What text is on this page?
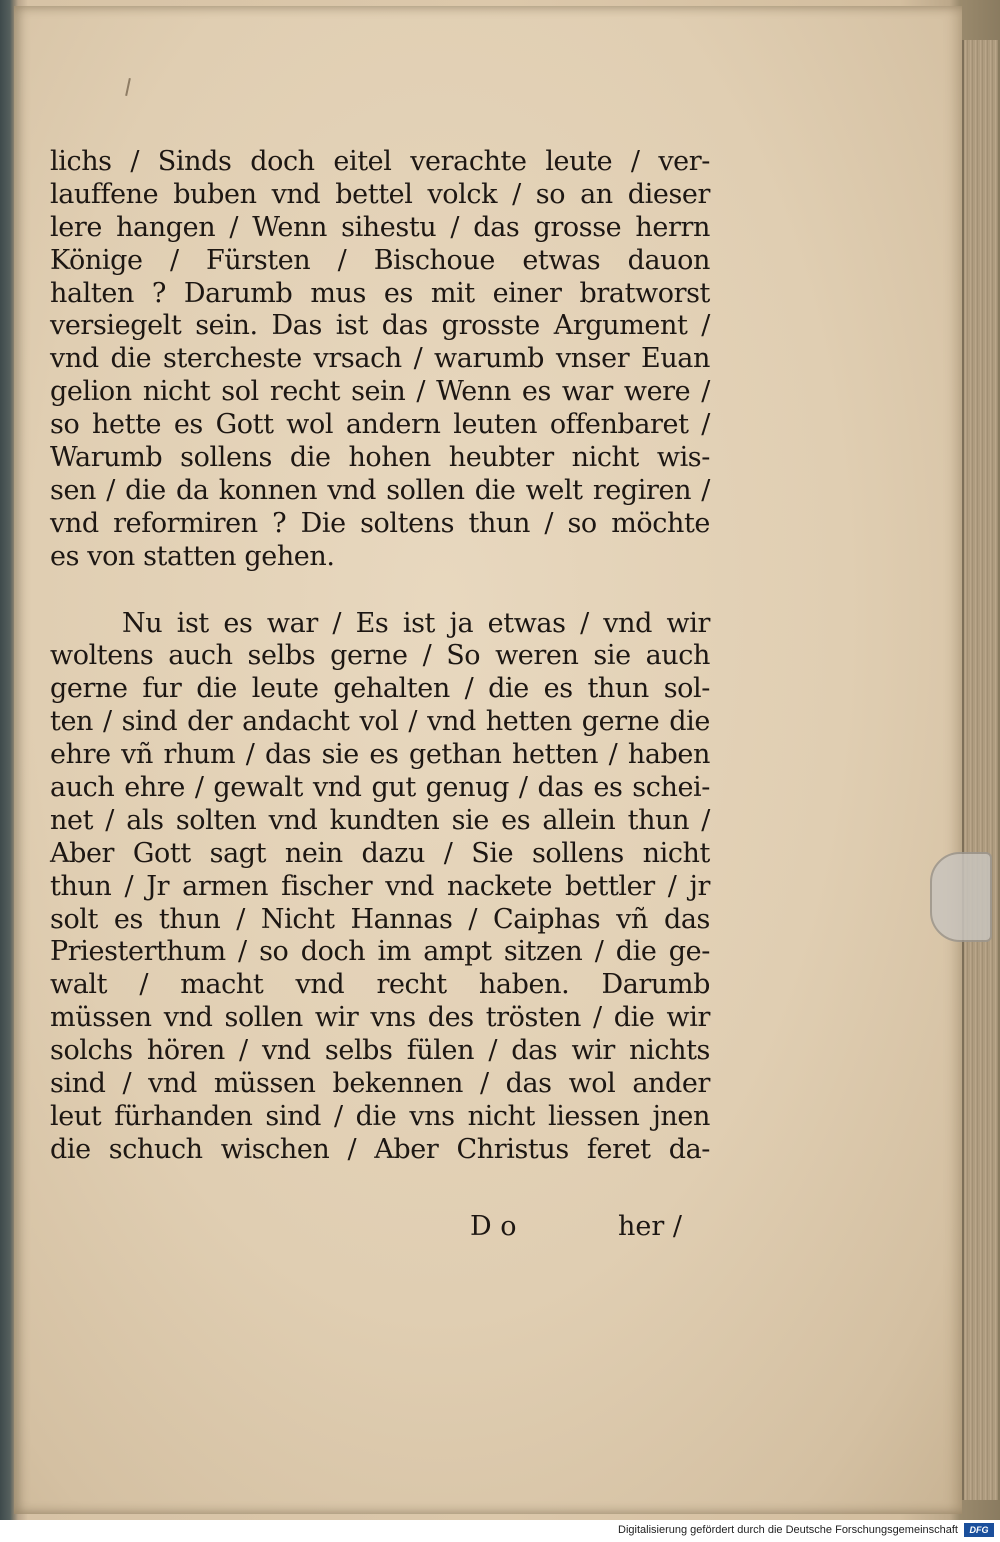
lichs / Sinds doch eitel verachte leute / ver-
lauffene buben vnd bettel volck / so an dieser
lere hangen / Wenn sihestu / das grosse herrn
Könige / Fürsten / Bischoue etwas dauon
halten ? Darumb mus es mit einer bratworst
versiegelt sein. Das ist das grosste Argument /
vnd die stercheste vrsach / warumb vnser Euan
gelion nicht sol recht sein / Wenn es war were /
so hette es Gott wol andern leuten offenbaret /
Warumb sollens die hohen heubter nicht wis-
sen / die da konnen vnd sollen die welt regiren /
vnd reformiren ? Die soltens thun / so möchte
es von statten gehen.
Nu ist es war / Es ist ja etwas / vnd wir
woltens auch selbs gerne / So weren sie auch
gerne fur die leute gehalten / die es thun sol-
ten / sind der andacht vol / vnd hetten gerne die
ehre vñ rhum / das sie es gethan hetten / haben
auch ehre / gewalt vnd gut genug / das es schei-
net / als solten vnd kundten sie es allein thun /
Aber Gott sagt nein dazu / Sie sollens nicht
thun / Jr armen fischer vnd nackete bettler / jr
solt es thun / Nicht Hannas / Caiphas vñ das
Priesterthum / so doch im ampt sitzen / die ge-
walt / macht vnd recht haben. Darumb
müssen vnd sollen wir vns des trösten / die wir
solchs hören / vnd selbs fülen / das wir nichts
sind / vnd müssen bekennen / das wol ander
leut fürhanden sind / die vns nicht liessen jnen
die schuch wischen / Aber Christus feret da-
D o	her /
Digitalisierung gefördert durch die Deutsche Forschungsgemeinschaft	DFG
